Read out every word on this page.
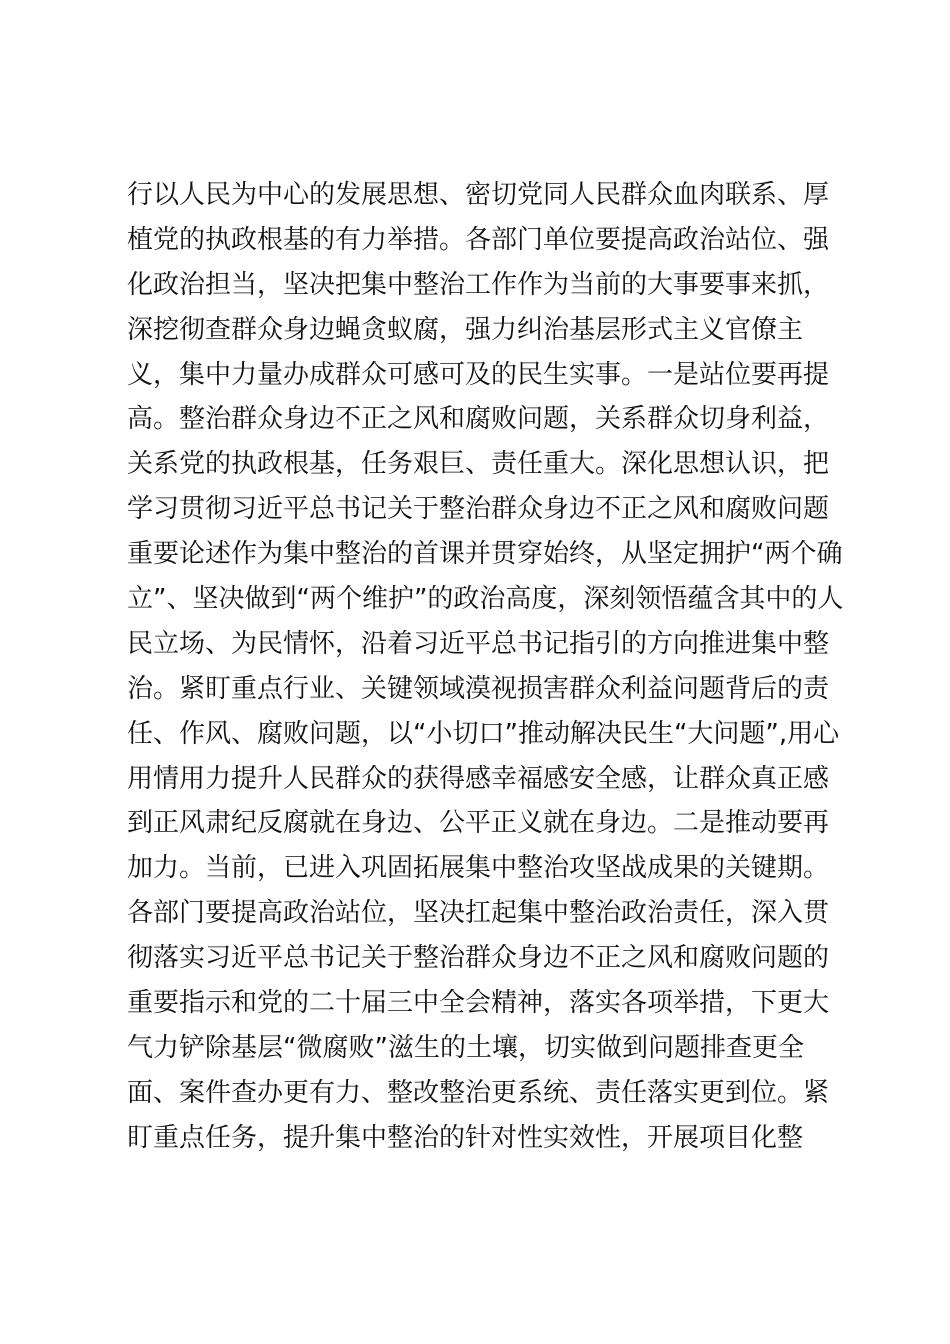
行以人民为中心的发展思想、密切党同人民群众血肉联系、厚
植党的执政根基的有力举措。各部门单位要提高政治站位、强
化政治担当，坚决把集中整治工作作为当前的大事要事来抓，
深挖彻查群众身边蝇贪蚁腐，强力纠治基层形式主义官僚主
义，集中力量办成群众可感可及的民生实事。一是站位要再提
高。整治群众身边不正之风和腐败问题，关系群众切身利益，
关系党的执政根基，任务艰巨、责任重大。深化思想认识，把
学习贯彻习近平总书记关于整治群众身边不正之风和腐败问题
重要论述作为集中整治的首课并贯穿始终，从坚定拥护“两个确
立”、坚决做到“两个维护”的政治高度，深刻领悟蕴含其中的人
民立场、为民情怀，沿着习近平总书记指引的方向推进集中整
治。紧盯重点行业、关键领域漠视损害群众利益问题背后的责
任、作风、腐败问题，以“小切口”推动解决民生“大问题”,用心
用情用力提升人民群众的获得感幸福感安全感，让群众真正感
到正风肃纪反腐就在身边、公平正义就在身边。二是推动要再
加力。当前，已进入巩固拓展集中整治攻坚战成果的关键期。
各部门要提高政治站位，坚决扛起集中整治政治责任，深入贯
彻落实习近平总书记关于整治群众身边不正之风和腐败问题的
重要指示和党的二十届三中全会精神，落实各项举措，下更大
气力铲除基层“微腐败”滋生的土壤，切实做到问题排查更全
面、案件查办更有力、整改整治更系统、责任落实更到位。紧
盯重点任务，提升集中整治的针对性实效性，开展项目化整
